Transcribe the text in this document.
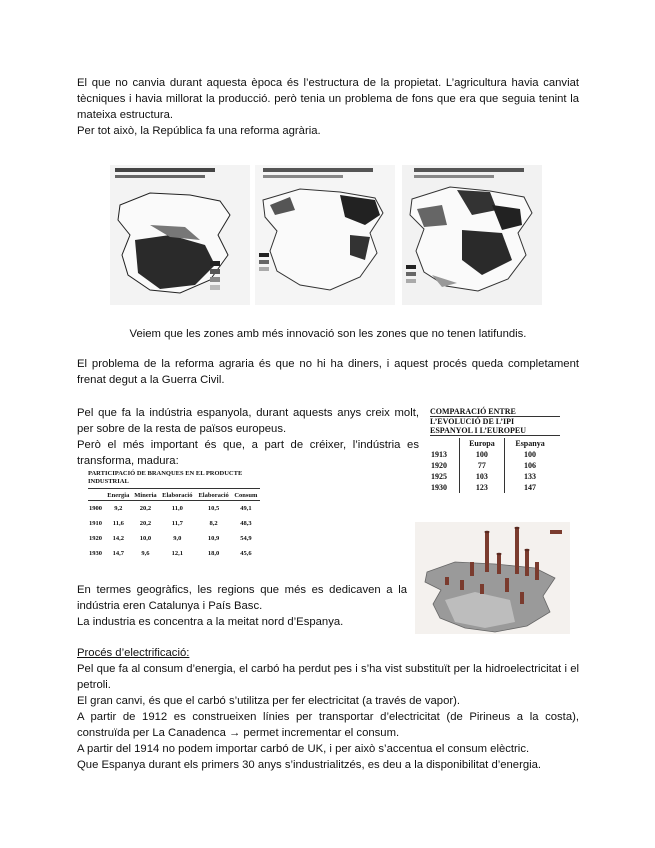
El que no canvia durant aquesta època és l’estructura de la propietat. L’agricultura havia canviat tècniques i havia millorat la producció. però tenia un problema de fons que era que seguia tenint la mateixa estructura.
Per tot això, la República fa una reforma agrària.
Veiem que les zones amb més innovació son les zones que no tenen latifundis.
El problema de la reforma agraria és que no hi ha diners, i aquest procés queda completament frenat degut a la Guerra Civil.
Pel que fa la indústria espanyola, durant aquests anys creix molt, per sobre de la resta de països europeus.
Però el més important és que, a part de créixer, l’indústria es transforma, madura:
COMPARACIÓ ENTRE
L’EVOLUCIÓ DE L’IPI
ESPANYOL I L’EUROPEU
	Europa	Espanya
1913	100	100
1920	77	106
1925	103	133
1930	123	147
PARTICIPACIÓ DE BRANQUES EN EL PRODUCTE INDUSTRIAL
	Energia	Mineria	Elaboració	Elaboració	Consum
1900	9,2	20,2	11,0	10,5	49,1
1910	11,6	20,2	11,7	8,2	48,3
1920	14,2	10,0	9,0	10,9	54,9
1930	14,7	9,6	12,1	18,0	45,6
En termes geogràfics, les regions que més es dedicaven a la indústria eren Catalunya i País Basc.
La industria es concentra a la meitat nord d’Espanya.
Procés d’electrificació:
Pel que fa al consum d’energia, el carbó ha perdut pes i s’ha vist substituït per la hidroelectricitat i el petroli.
El gran canvi, és que el carbó s’utilitza per fer electricitat (a través de vapor).
A partir de 1912 es construeixen línies per transportar d’electricitat (de Pirineus a la costa), construïda per La Canadenca → permet incrementar el consum.
A partir del 1914 no podem importar carbó de UK, i per això s’accentua el consum elèctric.
Que Espanya durant els primers 30 anys s’industrialitzés, es deu a la disponibilitat d’energia.
